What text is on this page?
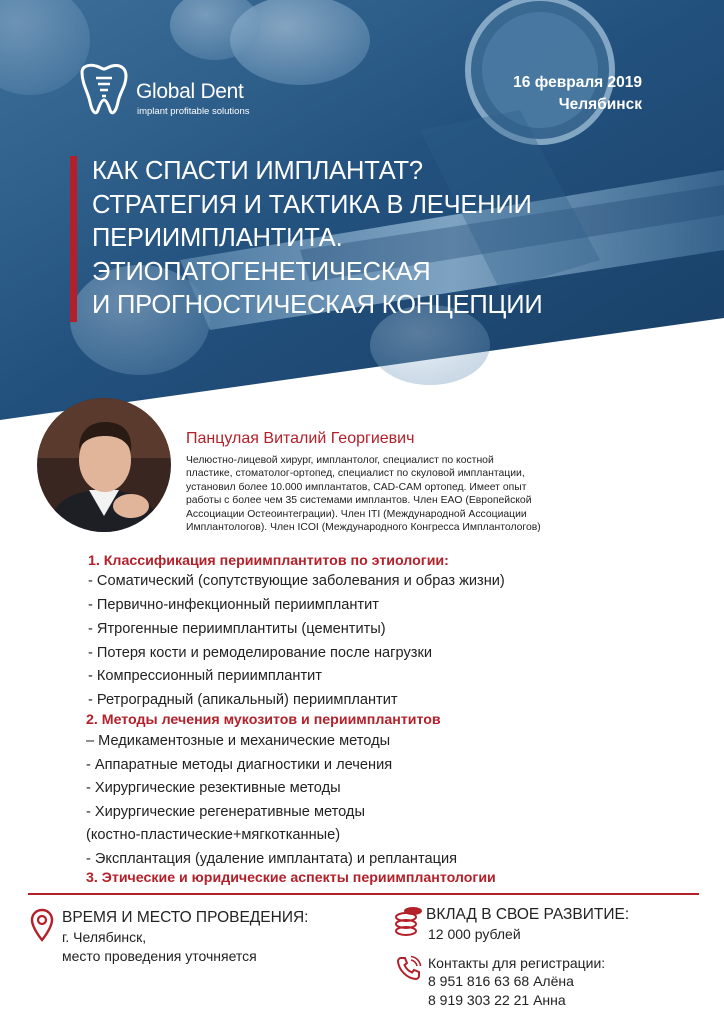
Global Dent
implant profitable solutions
16 февраля 2019
Челябинск
КАК СПАСТИ ИМПЛАНТАТ?
СТРАТЕГИЯ И ТАКТИКА В ЛЕЧЕНИИ
ПЕРИИМПЛАНТИТА.
ЭТИОПАТОГЕНЕТИЧЕСКАЯ
И ПРОГНОСТИЧЕСКАЯ КОНЦЕПЦИИ
Панцулая Виталий Георгиевич
Челюстно-лицевой хирург, имплантолог, специалист по костной
пластике, стоматолог-ортопед, специалист по скуловой имплантации,
установил более 10.000 имплантатов, CAD-CAM ортопед. Имеет опыт
работы с более чем 35 системами имплантов. Член EAO (Европейской
Ассоциации Остеоинтеграции). Член ITI (Международной Ассоциации
Имплантологов). Член ICOI (Международного Конгресса Имплантологов)
1. Классификация периимплантитов по этиологии:
- Соматический (сопутствующие заболевания и образ жизни)
- Первично-инфекционный периимплантит
- Ятрогенные периимплантиты (цементиты)
- Потеря кости и ремоделирование после нагрузки
- Компрессионный периимплантит
- Ретроградный (апикальный) периимплантит
2. Методы лечения мукозитов и периимплантитов
– Медикаментозные и механические методы
- Аппаратные методы диагностики и лечения
- Хирургические резективные методы
- Хирургические регенеративные методы
(костно-пластические+мягкотканные)
- Эксплантация (удаление имплантата) и реплантация
3. Этические и юридические аспекты периимплантологии
ВРЕМЯ И МЕСТО ПРОВЕДЕНИЯ:
г. Челябинск,
место проведения уточняется
ВКЛАД В СВОЕ РАЗВИТИЕ:
12 000 рублей
Контакты для регистрации:
8 951 816 63 68 Алёна
8 919 303 22 21 Анна
